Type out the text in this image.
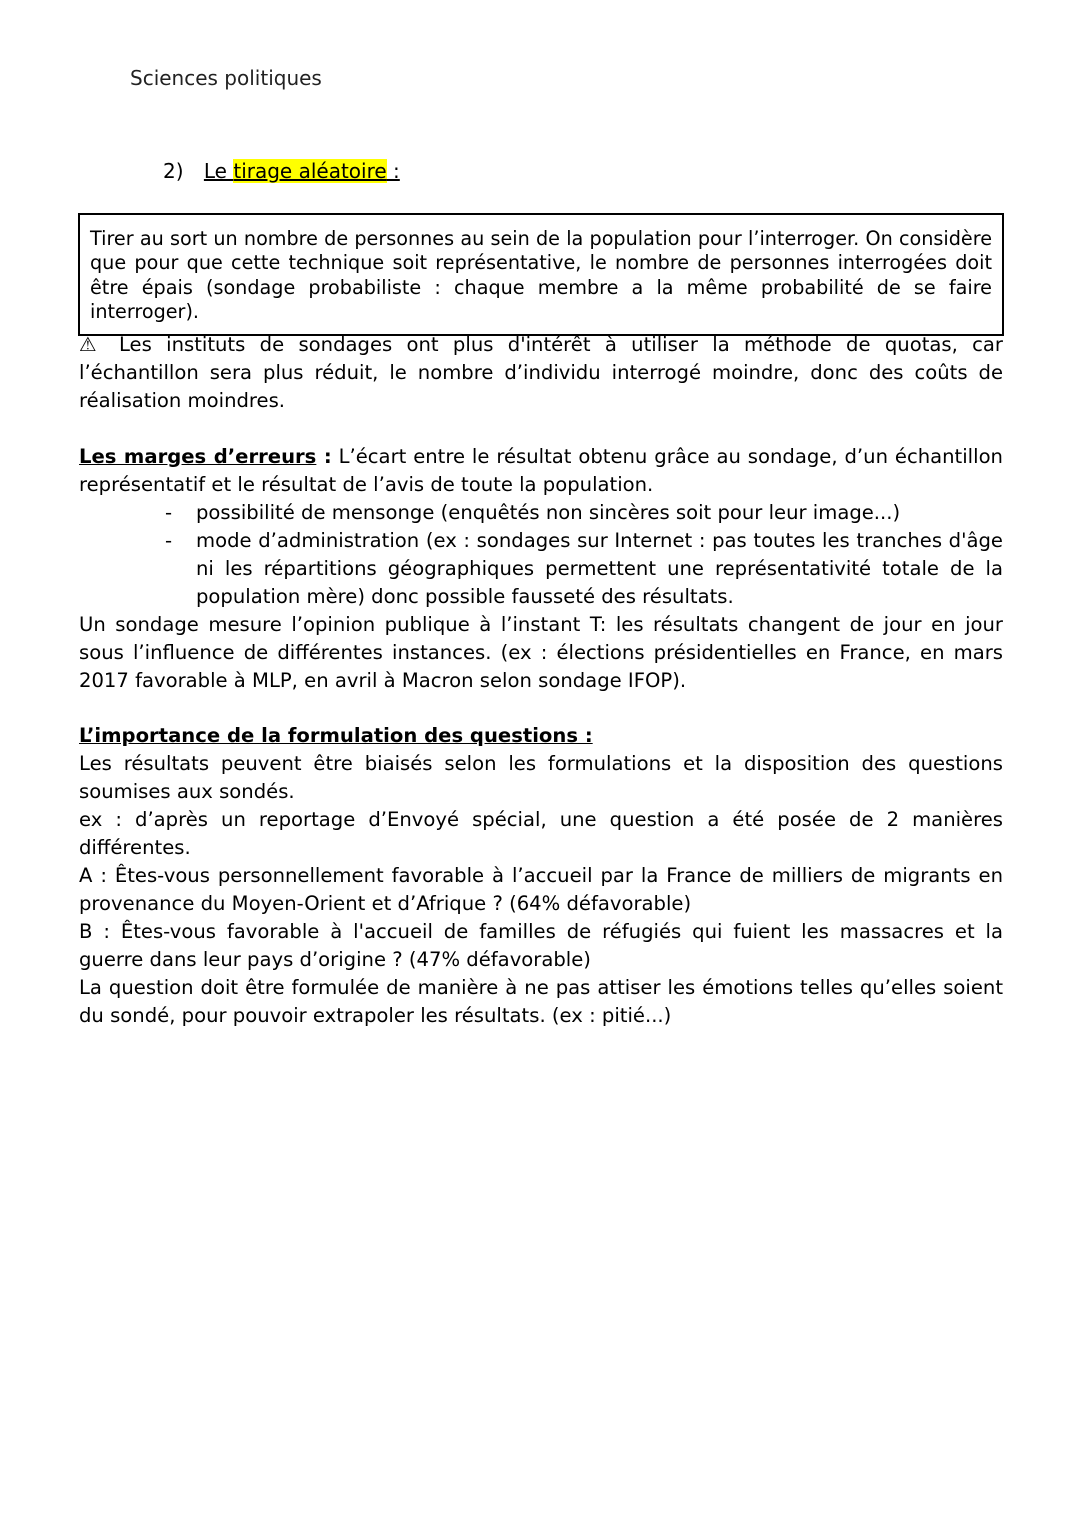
Sciences politiques
2) Le tirage aléatoire :
Tirer au sort un nombre de personnes au sein de la population pour l’interroger. On considère que pour que cette technique soit représentative, le nombre de personnes interrogées doit être épais (sondage probabiliste : chaque membre a la même probabilité de se faire interroger).

⚠ Les instituts de sondages ont plus d'intérêt à utiliser la méthode de quotas, car l’échantillon sera plus réduit, le nombre d’individu interrogé moindre, donc des coûts de réalisation moindres.

Les marges d’erreurs : L’écart entre le résultat obtenu grâce au sondage, d’un échantillon représentatif et le résultat de l’avis de toute la population.

- possibilité de mensonge (enquêtés non sincères soit pour leur image...)
- mode d’administration (ex : sondages sur Internet : pas toutes les tranches d'âge ni les répartitions géographiques permettent une représentativité totale de la population mère) donc possible fausseté des résultats.

Un sondage mesure l’opinion publique à l’instant T: les résultats changent de jour en jour sous l’influence de différentes instances. (ex : élections présidentielles en France, en mars 2017 favorable à MLP, en avril à Macron selon sondage IFOP).

L’importance de la formulation des questions :

Les résultats peuvent être biaisés selon les formulations et la disposition des questions soumises aux sondés.

ex : d’après un reportage d’Envoyé spécial, une question a été posée de 2 manières différentes.

A : Êtes-vous personnellement favorable à l’accueil par la France de milliers de migrants en provenance du Moyen-Orient et d’Afrique ? (64% défavorable)

B : Êtes-vous favorable à l'accueil de familles de réfugiés qui fuient les massacres et la guerre dans leur pays d’origine ? (47% défavorable)

La question doit être formulée de manière à ne pas attiser les émotions telles qu’elles soient du sondé, pour pouvoir extrapoler les résultats. (ex : pitié...)
